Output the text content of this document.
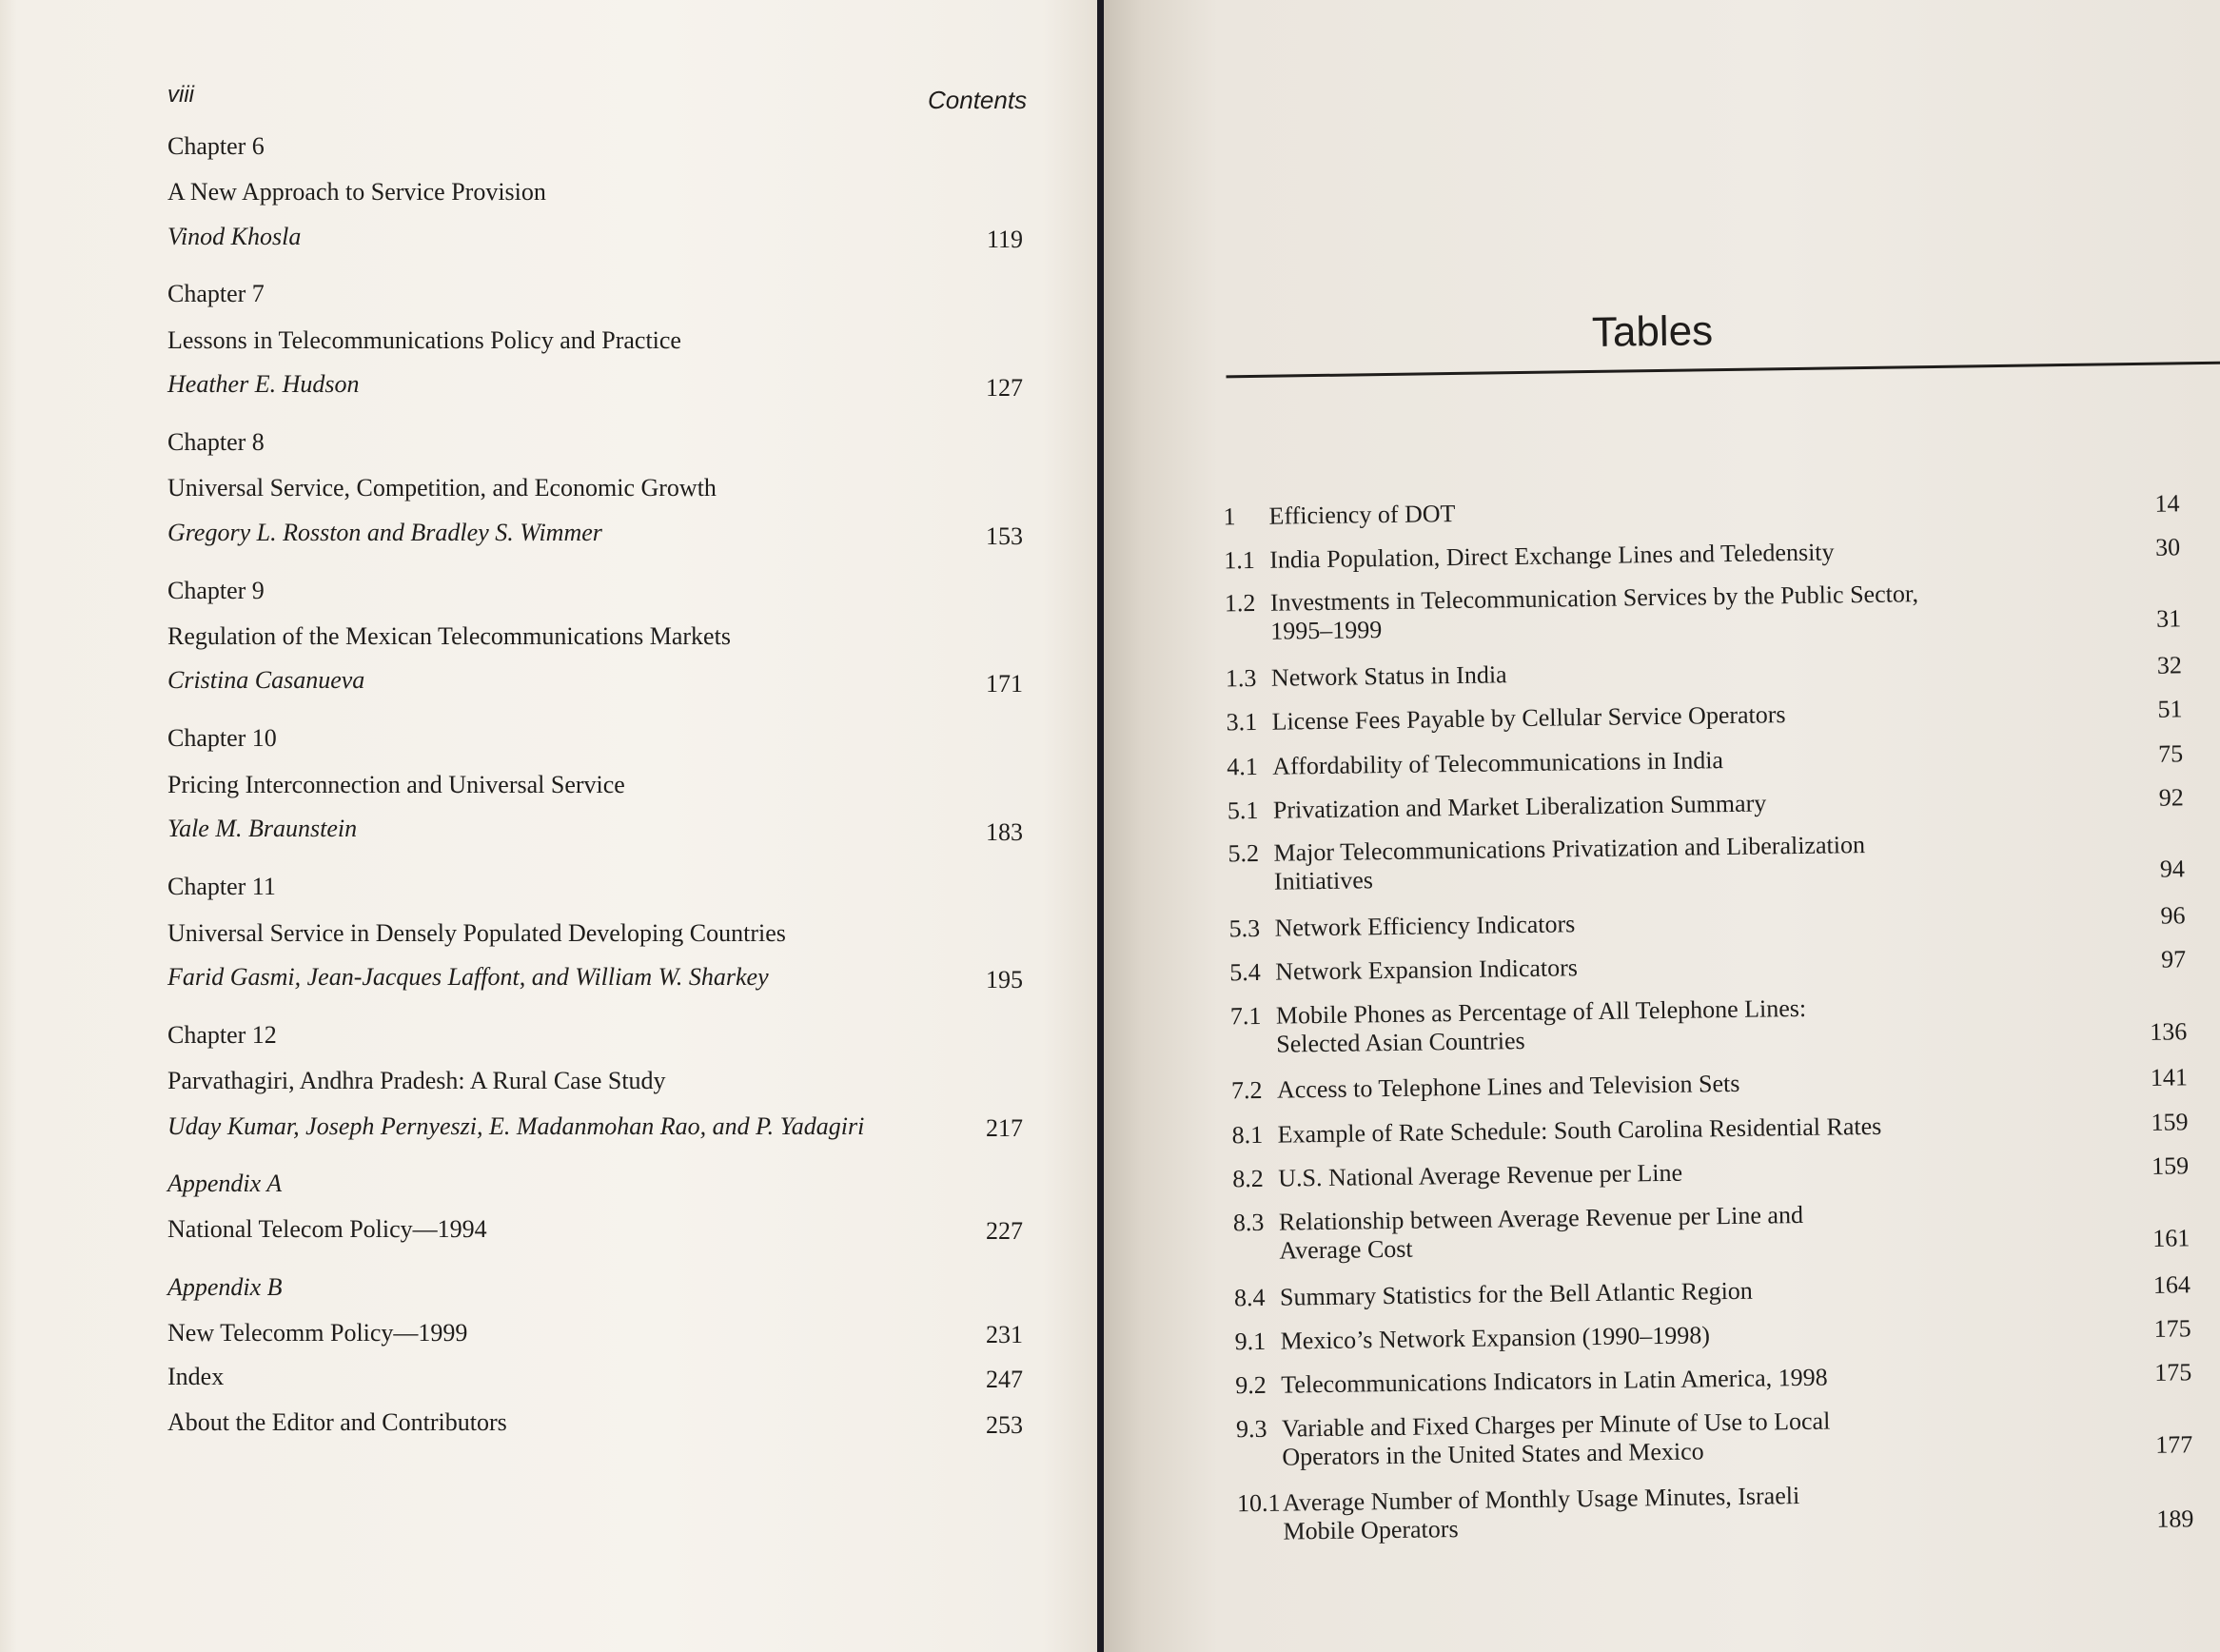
viii	Contents
Chapter 6
A New Approach to Service Provision
Vinod Khosla	119
Chapter 7
Lessons in Telecommunications Policy and Practice
Heather E. Hudson	127
Chapter 8
Universal Service, Competition, and Economic Growth
Gregory L. Rosston and Bradley S. Wimmer	153
Chapter 9
Regulation of the Mexican Telecommunications Markets
Cristina Casanueva	171
Chapter 10
Pricing Interconnection and Universal Service
Yale M. Braunstein	183
Chapter 11
Universal Service in Densely Populated Developing Countries
Farid Gasmi, Jean-Jacques Laffont, and William W. Sharkey	195
Chapter 12
Parvathagiri, Andhra Pradesh: A Rural Case Study
Uday Kumar, Joseph Pernyeszi, E. Madanmohan Rao, and P. Yadagiri	217
Appendix A
National Telecom Policy—1994	227
Appendix B
New Telecomm Policy—1999	231
Index	247
About the Editor and Contributors	253
Tables
1 Efficiency of DOT	14
1.1 India Population, Direct Exchange Lines and Teledensity	30
1.2 Investments in Telecommunication Services by the Public Sector,
1995–1999	31
1.3 Network Status in India	32
3.1 License Fees Payable by Cellular Service Operators	51
4.1 Affordability of Telecommunications in India	75
5.1 Privatization and Market Liberalization Summary	92
5.2 Major Telecommunications Privatization and Liberalization
Initiatives	94
5.3 Network Efficiency Indicators	96
5.4 Network Expansion Indicators	97
7.1 Mobile Phones as Percentage of All Telephone Lines:
Selected Asian Countries	136
7.2 Access to Telephone Lines and Television Sets	141
8.1 Example of Rate Schedule: South Carolina Residential Rates	159
8.2 U.S. National Average Revenue per Line	159
8.3 Relationship between Average Revenue per Line and
Average Cost	161
8.4 Summary Statistics for the Bell Atlantic Region	164
9.1 Mexico’s Network Expansion (1990–1998)	175
9.2 Telecommunications Indicators in Latin America, 1998	175
9.3 Variable and Fixed Charges per Minute of Use to Local
Operators in the United States and Mexico	177
10.1 Average Number of Monthly Usage Minutes, Israeli
Mobile Operators	189
